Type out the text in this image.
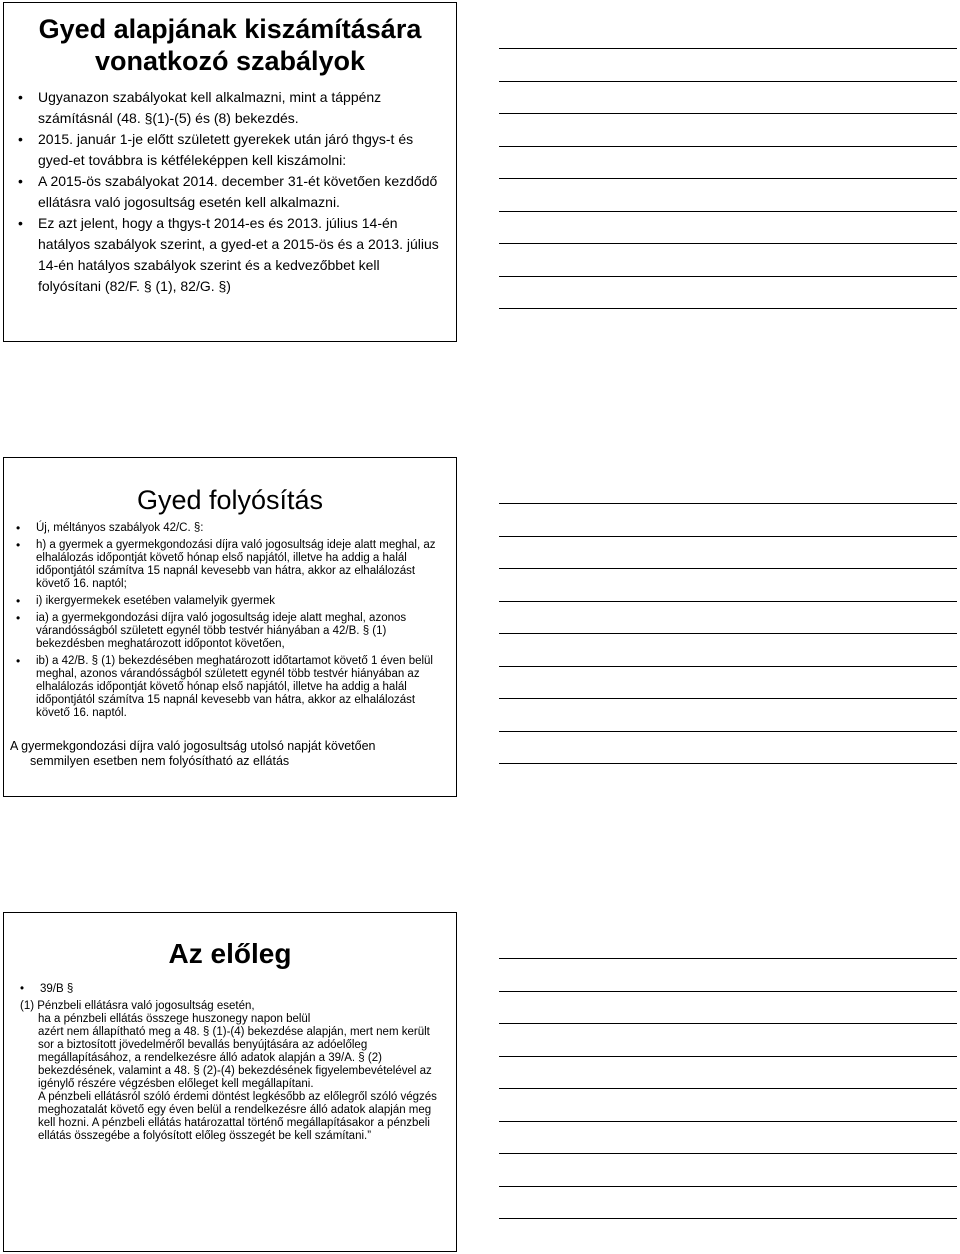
Gyed alapjának kiszámítására vonatkozó szabályok
• Ugyanazon szabályokat kell alkalmazni, mint a táppénz számításnál (48. §(1)-(5) és (8) bekezdés.
• 2015. január 1-je előtt született gyerekek után járó thgys-t és gyed-et továbbra is kétféleképpen kell kiszámolni:
• A 2015-ös szabályokat 2014. december 31-ét követően kezdődő ellátásra való jogosultság esetén kell alkalmazni.
• Ez azt jelent, hogy a thgys-t 2014-es és 2013. július 14-én hatályos szabályok szerint, a gyed-et a 2015-ös és a 2013. július 14-én hatályos szabályok szerint és a kedvezőbbet kell folyósítani (82/F. § (1), 82/G. §)
Gyed folyósítás
• Új, méltányos szabályok 42/C. §:
• h) a gyermek a gyermekgondozási díjra való jogosultság ideje alatt meghal, az elhalálozás időpontját követő hónap első napjától, illetve ha addig a halál időpontjától számítva 15 napnál kevesebb van hátra, akkor az elhalálozást követő 16. naptól;
• i) ikergyermekek esetében valamelyik gyermek
• ia) a gyermekgondozási díjra való jogosultság ideje alatt meghal, azonos várandósságból született egynél több testvér hiányában a 42/B. § (1) bekezdésben meghatározott időpontot követően,
• ib) a 42/B. § (1) bekezdésében meghatározott időtartamot követő 1 éven belül meghal, azonos várandósságból született egynél több testvér hiányában az elhalálozás időpontját követő hónap első napjától, illetve ha addig a halál időpontjától számítva 15 napnál kevesebb van hátra, akkor az elhalálozást követő 16. naptól.
A gyermekgondozási díjra való jogosultság utolsó napját követően
semmilyen esetben nem folyósítható az ellátás
Az előleg
• 39/B §

(1) Pénzbeli ellátásra való jogosultság esetén,

ha a pénzbeli ellátás összege huszonegy napon belül

azért nem állapítható meg a 48. § (1)-(4) bekezdése alapján, mert nem került sor a biztosított jövedelméről bevallás benyújtására az adóelőleg megállapításához, a rendelkezésre álló adatok alapján a 39/A. § (2) bekezdésének, valamint a 48. § (2)-(4) bekezdésének figyelembevételével az igénylő részére végzésben előleget kell megállapítani.

A pénzbeli ellátásról szóló érdemi döntést legkésőbb az előlegről szóló végzés meghozatalát követő egy éven belül a rendelkezésre álló adatok alapján meg kell hozni. A pénzbeli ellátás határozattal történő megállapításakor a pénzbeli ellátás összegébe a folyósított előleg összegét be kell számítani.”
